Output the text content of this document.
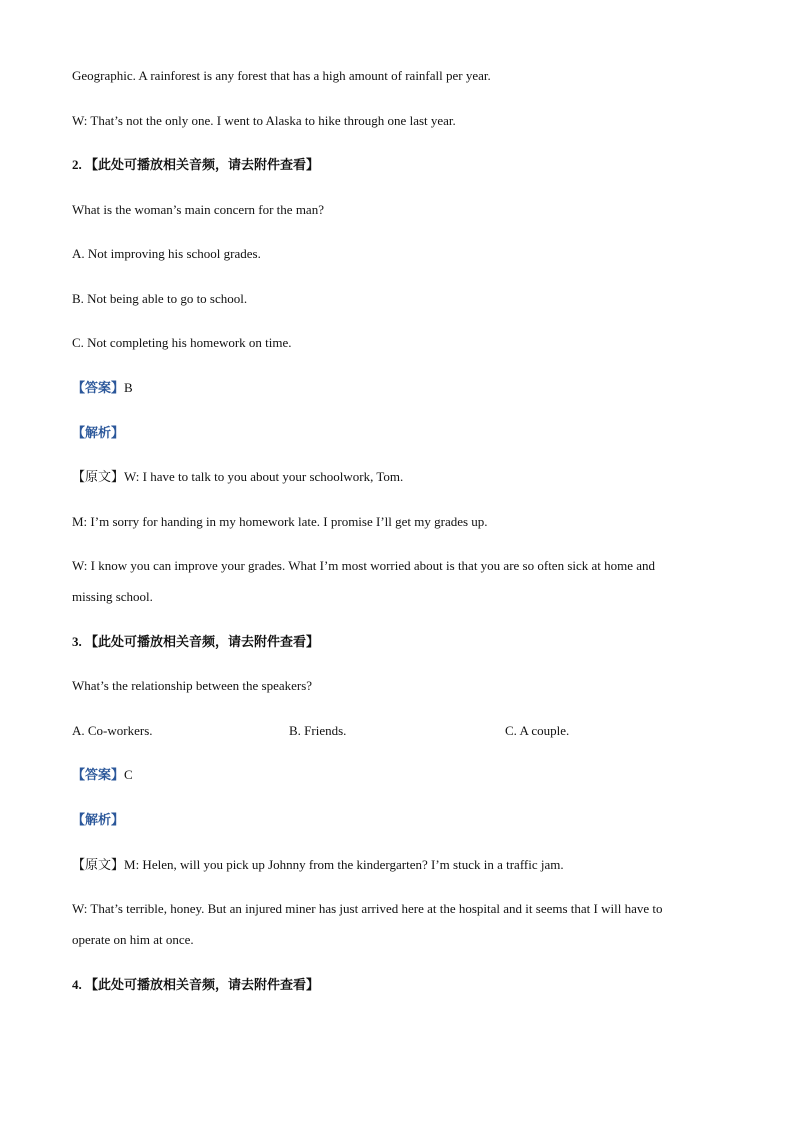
Geographic. A rainforest is any forest that has a high amount of rainfall per year.
W: That’s not the only one. I went to Alaska to hike through one last year.
2. 【此处可播放相关音频，请去附件查看】
What is the woman’s main concern for the man?
A. Not improving his school grades.
B. Not being able to go to school.
C. Not completing his homework on time.
【答案】B
【解析】
【原文】W: I have to talk to you about your schoolwork, Tom.
M: I’m sorry for handing in my homework late. I promise I’ll get my grades up.
W: I know you can improve your grades. What I’m most worried about is that you are so often sick at home and
missing school.
3. 【此处可播放相关音频，请去附件查看】
What’s the relationship between the speakers?
A. Co-workers.	B. Friends.	C. A couple.
【答案】C
【解析】
【原文】M: Helen, will you pick up Johnny from the kindergarten? I’m stuck in a traffic jam.
W: That’s terrible, honey. But an injured miner has just arrived here at the hospital and it seems that I will have to
operate on him at once.
4. 【此处可播放相关音频，请去附件查看】
